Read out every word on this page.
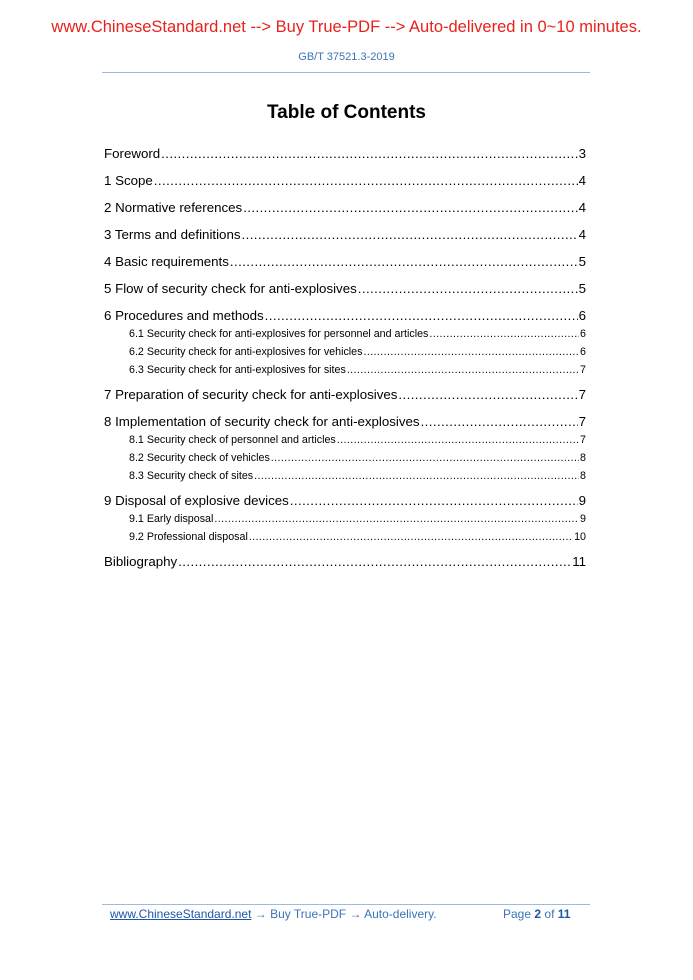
www.ChineseStandard.net --> Buy True-PDF --> Auto-delivered in 0~10 minutes.
GB/T 37521.3-2019
Table of Contents
Foreword .....	3
1 Scope .....	4
2 Normative references .....	4
3 Terms and definitions .....	4
4 Basic requirements .....	5
5 Flow of security check for anti-explosives .....	5
6 Procedures and methods .....	6
6.1 Security check for anti-explosives for personnel and articles .....	6
6.2 Security check for anti-explosives for vehicles .....	6
6.3 Security check for anti-explosives for sites .....	7
7 Preparation of security check for anti-explosives .....	7
8 Implementation of security check for anti-explosives .....	7
8.1 Security check of personnel and articles .....	7
8.2 Security check of vehicles .....	8
8.3 Security check of sites .....	8
9 Disposal of explosive devices .....	9
9.1 Early disposal .....	9
9.2 Professional disposal .....	10
Bibliography .....	11
www.ChineseStandard.net → Buy True-PDF → Auto-delivery.	Page 2 of 11
